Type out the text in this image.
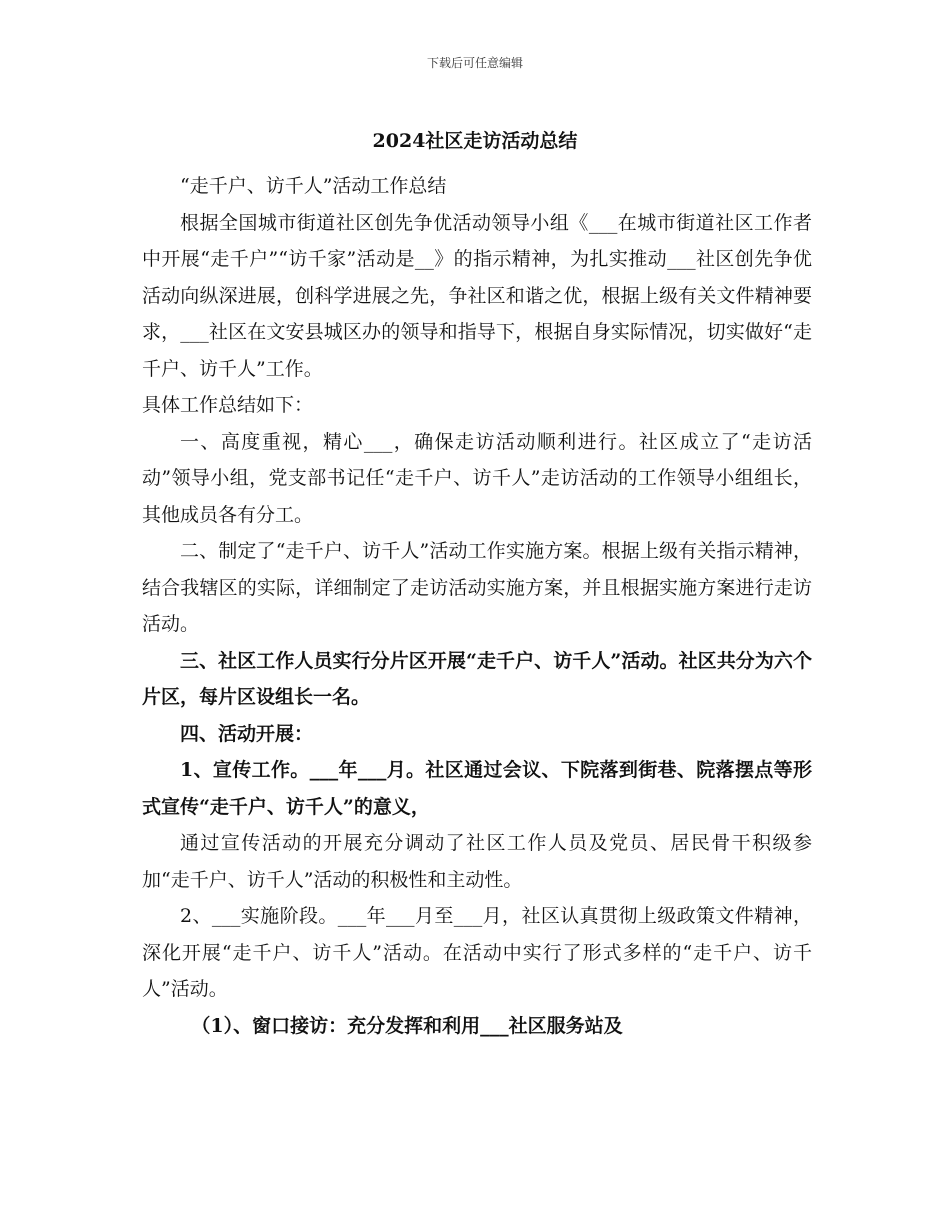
下载后可任意编辑
2024社区走访活动总结

“走千户、访千人”活动工作总结

根据全国城市街道社区创先争优活动领导小组《___在城市街道社区工作者中开展“走千户”“访千家”活动是__》的指示精神，为扎实推动___社区创先争优活动向纵深进展，创科学进展之先，争社区和谐之优，根据上级有关文件精神要求，___社区在文安县城区办的领导和指导下，根据自身实际情况，切实做好“走千户、访千人”工作。

具体工作总结如下：

一、高度重视，精心___，确保走访活动顺利进行。社区成立了“走访活动”领导小组，党支部书记任“走千户、访千人”走访活动的工作领导小组组长，其他成员各有分工。

二、制定了“走千户、访千人”活动工作实施方案。根据上级有关指示精神，结合我辖区的实际，详细制定了走访活动实施方案，并且根据实施方案进行走访活动。

三、社区工作人员实行分片区开展“走千户、访千人”活动。社区共分为六个片区，每片区设组长一名。

四、活动开展：

1、宣传工作。___年___月。社区通过会议、下院落到街巷、院落摆点等形式宣传“走千户、访千人”的意义，

通过宣传活动的开展充分调动了社区工作人员及党员、居民骨干积级参加“走千户、访千人”活动的积极性和主动性。

2、___实施阶段。___年___月至___月，社区认真贯彻上级政策文件精神，深化开展“走千户、访千人”活动。在活动中实行了形式多样的“走千户、访千人”活动。

（1）、窗口接访：充分发挥和利用___社区服务站及
